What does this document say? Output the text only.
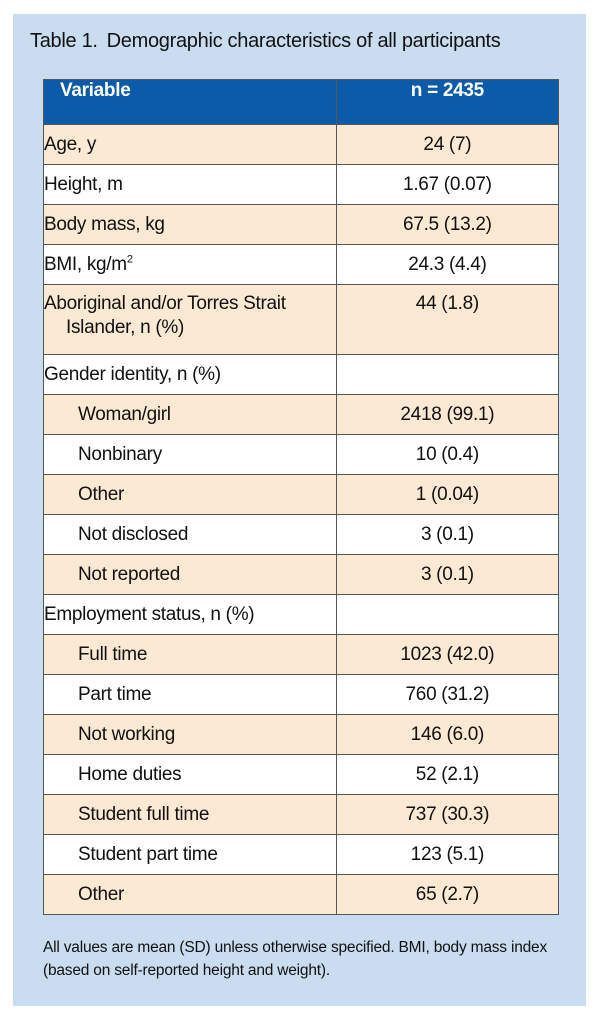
Table 1. Demographic characteristics of all participants
Variable	n = 2435
Age, y	24 (7)
Height, m	1.67 (0.07)
Body mass, kg	67.5 (13.2)
BMI, $kg/m^2$	24.3 (4.4)
Aboriginal and/or Torres Strait
Islander, n (%)	44 (1.8)
Gender identity, n (%)	
Woman/girl	2418 (99.1)
Nonbinary	10 (0.4)
Other	1 (0.04)
Not disclosed	3 (0.1)
Not reported	3 (0.1)
Employment status, n (%)	
Full time	1023 (42.0)
Part time	760 (31.2)
Not working	146 (6.0)
Home duties	52 (2.1)
Student full time	737 (30.3)
Student part time	123 (5.1)
Other	65 (2.7)
All values are mean (SD) unless otherwise specified. BMI, body mass index (based on self-reported height and weight).
